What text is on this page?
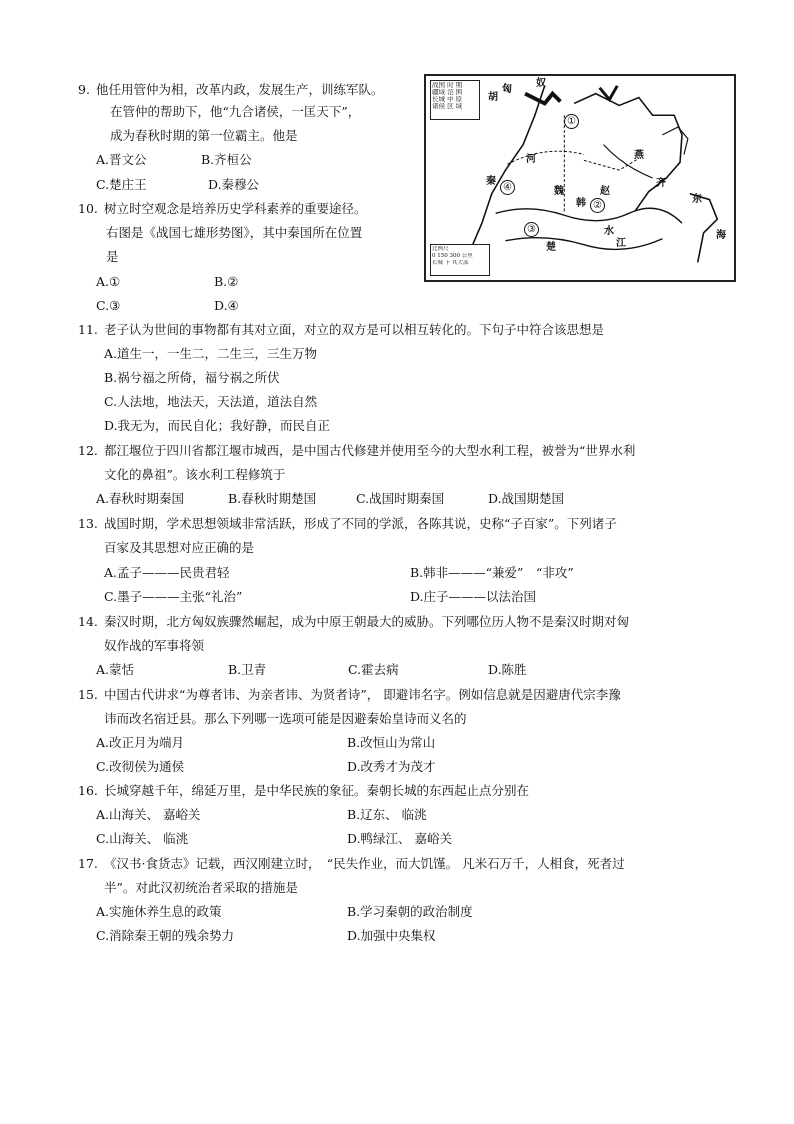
9. 他任用管仲为相，改革内政，发展生产，训练军队。
在管仲的帮助下，他“九合诸侯，一匡天下”，
成为春秋时期的第一位霸主。他是
A.晋文公	B.齐桓公
C.楚庄王	D.秦穆公
10. 树立时空观念是培养历史学科素养的重要途径。
右图是《战国七雄形势图》，其中秦国所在位置
是
A.①	B.②
C.③	D.④
战国 时 期
疆域 范 围
长城 中 原
诸侯 区 域
比例尺
0 150 300 公里
长城 下 其大部
匈
奴
东
海
胡
齐
燕
韩
赵
楚
秦
魏
河
江
水
①
②
③
④
11. 老子认为世间的事物都有其对立面，对立的双方是可以相互转化的。下句子中符合该思想是
A.道生一，一生二，二生三，三生万物
B.祸兮福之所倚，福兮祸之所伏
C.人法地，地法天，天法道，道法自然
D.我无为，而民自化；我好静，而民自正
12. 都江堰位于四川省都江堰市城西，是中国古代修建并使用至今的大型水利工程，被誉为“世界水利
文化的鼻祖”。该水利工程修筑于
A.春秋时期秦国	B.春秋时期楚国	C.战国时期秦国	D.战国期楚国
13. 战国时期，学术思想领域非常活跃，形成了不同的学派，各陈其说，史称“子百家”。下列诸子
百家及其思想对应正确的是
A.孟子———民贵君轻	B.韩非———“兼爱”　“非攻”
C.墨子———主张“礼治”	D.庄子———以法治国
14. 秦汉时期，北方匈奴族骤然崛起，成为中原王朝最大的威胁。下列哪位历人物不是秦汉时期对匈
奴作战的军事将领
A.蒙恬	B.卫青	C.霍去病	D.陈胜
15. 中国古代讲求“为尊者讳、为亲者讳、为贤者诗”， 即避讳名字。例如信息就是因避唐代宗李豫
讳而改名宿迁县。那么下列哪一选项可能是因避秦始皇诗而义名的
A.改正月为端月	B.改恒山为常山
C.改彻侯为通侯	D.改秀才为茂才
16. 长城穿越千年，绵延万里，是中华民族的象征。秦朝长城的东西起止点分别在
A.山海关、 嘉峪关	B.辽东、 临洮
C.山海关、 临洮	D.鸭绿江、 嘉峪关
17. 《汉书·食货志》记载，西汉刚建立时，　“民失作业，而大饥馑。 凡米石万千，人相食，死者过
半”。对此汉初统治者采取的措施是
A.实施休养生息的政策	B.学习秦朝的政治制度
C.消除秦王朝的残余势力	D.加强中央集权
